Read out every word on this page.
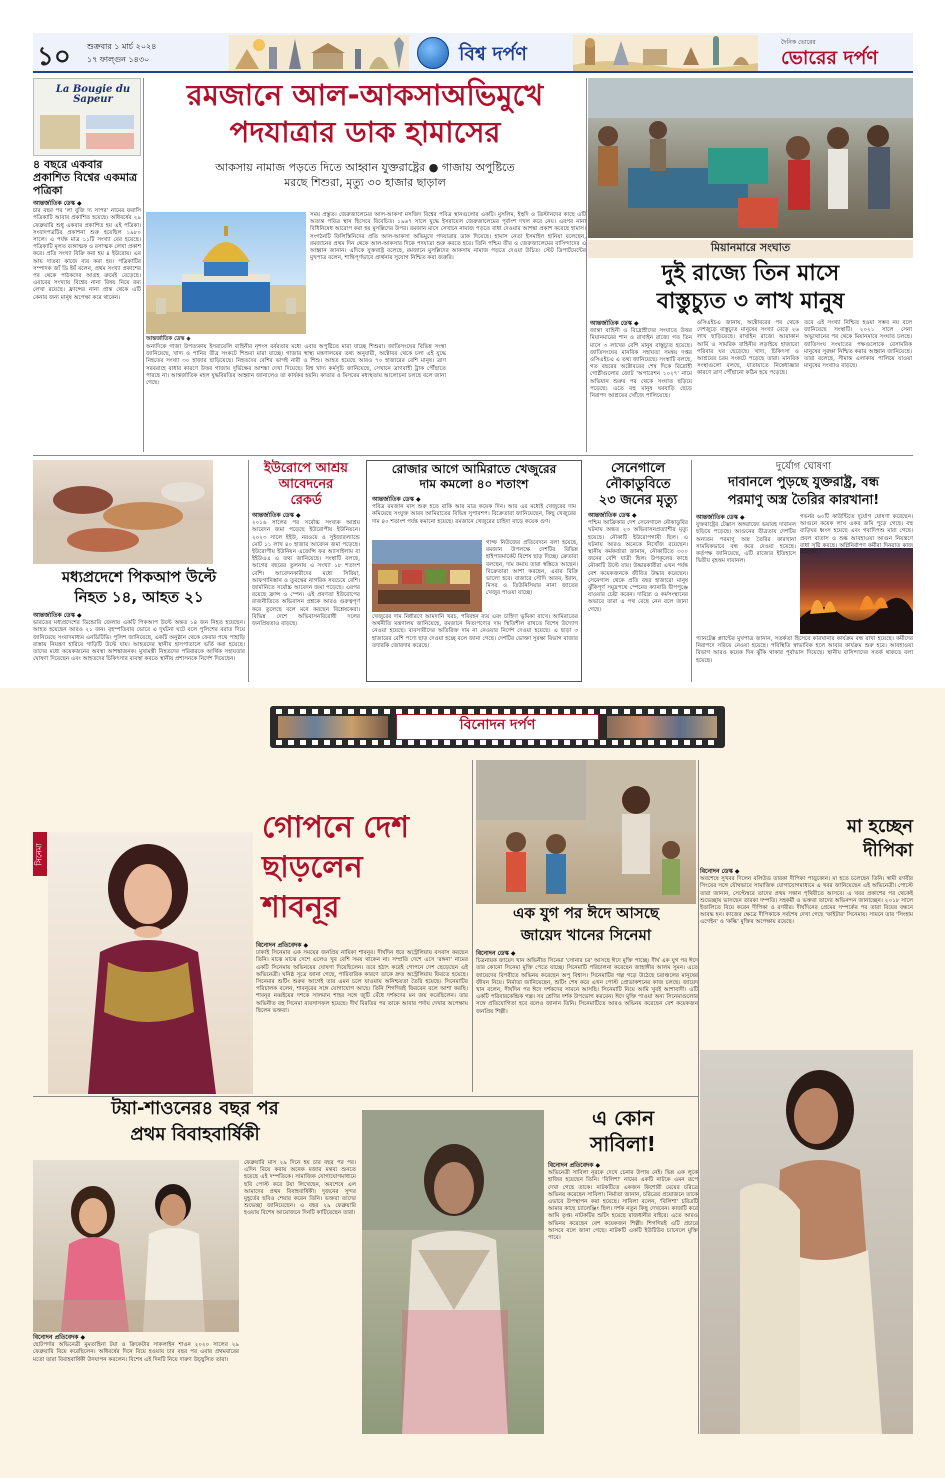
১০ শুক্রবার ১ মার্চ ২০২৪
১৭ ফাল্গুন ১৪৩০	বিশ্ব দর্পণ
দৈনিক ভোরের
ভোরের দর্পণ
La Bougie du Sapeur
৪ বছরে একবার প্রকাশিত বিশ্বের একমাত্র পত্রিকা
আন্তর্জাতিক ডেস্ক ◆

চার বছর পর 'লা বুজি দ্য সাপর' নামের ফরাসি পত্রিকাটি আবার প্রকাশিত হয়েছে। অধিবর্ষের ২৯ ফেব্রুয়ারি শুধু একবার প্রকাশিত হয় এই পত্রিকা। সংবাদপত্রটির প্রকাশনা শুরু হয়েছিল ১৯৮০ সালে। এ পর্যন্ত মাত্র ১১টি সংখ্যা বের হয়েছে। পত্রিকাটি মূলত ব্যঙ্গাত্মক ও রসাত্মক লেখা প্রকাশ করে। প্রতি সংখ্যা বিক্রি করা হয় ৪ ইউরোয়। এর আয় দাতব্য কাজে ব্যয় করা হয়। পত্রিকাটির সম্পাদক জ্যঁ ডি ইয়ঁ বলেন, প্রথম সংখ্যা প্রকাশের পর থেকে পাঠকদের আগ্রহ ক্রমেই বেড়েছে। এবারের সংখ্যায় বিশ্বের নানা বিষয় নিয়ে রম্য লেখা রয়েছে। ফ্রান্সের নানা প্রান্ত থেকে এটি কেনার জন্য মানুষ অপেক্ষা করে থাকেন।

রমজানে আল-আকসাঅভিমুখে
পদযাত্রার ডাক হামাসের
আকসায় নামাজ পড়তে দিতে আহ্বান যুক্তরাষ্ট্রের ● গাজায় অপুষ্টিতে
মরছে শিশুরা, মৃত্যু ৩০ হাজার ছাড়াল
আন্তর্জাতিক ডেস্ক ◆

অন্যদিকে গাজা উপত্যকায় ইসরায়েলি বাহিনীর নৃশংস বর্বরতার মধ্যে এবার অপুষ্টিতে মারা যাচ্ছে শিশুরা। জাতিসংঘের বিভিন্ন সংস্থা জানিয়েছে, খাদ্য ও পানির তীব্র সংকটে শিশুরা মারা যাচ্ছে। গাজার স্বাস্থ্য মন্ত্রণালয়ের তথ্য অনুযায়ী, অক্টোবর থেকে চলা এই যুদ্ধে নিহতের সংখ্যা ৩০ হাজার ছাড়িয়েছে। নিহতদের বেশির ভাগই নারী ও শিশু। আহত হয়েছে আরও ৭০ হাজারের বেশি মানুষ। ত্রাণ সরবরাহে বাধার কারণে উত্তর গাজায় দুর্ভিক্ষের আশঙ্কা দেখা দিয়েছে। বিশ্ব খাদ্য কর্মসূচি জানিয়েছে, সেখানে ত্রাণবাহী ট্রাক পৌঁছাতে পারছে না। আন্তর্জাতিক মহল যুদ্ধবিরতির আহ্বান জানালেও তা কার্যকর হয়নি। কাতার ও মিসরের মধ্যস্থতায় আলোচনা চলছে বলে জানা গেছে।

সময় প্রস্তুত। জেরুজালেমের আল-আকসা মসজিদ বিশ্বের পবিত্র স্থানগুলোর একটি। মুসলিম, ইহুদি ও খ্রিস্টানদের কাছে এটি অত্যন্ত পবিত্র স্থান হিসেবে বিবেচিত। ১৯৬৭ সালে যুদ্ধে ইসরায়েল জেরুজালেমের পূর্বাংশ দখল করে নেয়। এরপর নানা বিধিনিষেধ আরোপ করা হয় মুসল্লিদের উপর। রমজান মাসে সেখানে নামাজ পড়তে বাধা দেওয়ার আশঙ্কা প্রকাশ করেছে হামাস। সংগঠনটি ফিলিস্তিনিদের প্রতি আল-আকসা অভিমুখে পদযাত্রার ডাক দিয়েছে। হামাস নেতা ইসমাইল হানিয়া বলেছেন, রমজানের প্রথম দিন থেকে আল-আকসার দিকে পদযাত্রা শুরু করতে হবে। তিনি পশ্চিম তীর ও জেরুজালেমের বাসিন্দাদের এ আহ্বান জানান। এদিকে যুক্তরাষ্ট্র বলেছে, রমজানে মুসল্লিদের আকসায় নামাজ পড়তে দেওয়া উচিত। স্টেট ডিপার্টমেন্টের মুখপাত্র বলেন, শান্তিপূর্ণভাবে প্রার্থনার সুযোগ নিশ্চিত করা জরুরি।

মিয়ানমারে সংঘাত
দুই রাজ্যে তিন মাসে
বাস্তুচ্যুত ৩ লাখ মানুষ
আন্তর্জাতিক ডেস্ক ◆

জান্তা বাহিনী ও বিদ্রোহীদের সংঘাতে উত্তর মিয়ানমারের শান ও রাখাইন রাজ্যে গত তিন মাসে ৩ লাখের বেশি মানুষ বাস্তুচ্যুত হয়েছে। জাতিসংঘের মানবিক সহায়তা সমন্বয় দপ্তর ওসিএইচএ এ তথ্য জানিয়েছে। সংস্থাটি বলছে, গত বছরের অক্টোবরের শেষ দিকে বিদ্রোহী গোষ্ঠীগুলোর জোট 'অপারেশন ১০২৭' নামে অভিযান শুরুর পর থেকে সংঘাত ছড়িয়ে পড়েছে। এতে বহু মানুষ ঘরবাড়ি ছেড়ে নিরাপদ আশ্রয়ের খোঁজে পালিয়েছে।

ওসিএইচএ জানায়, অক্টোবরের পর থেকে দেশজুড়ে বাস্তুচ্যুত মানুষের সংখ্যা বেড়ে ২৬ লাখ ছাড়িয়েছে। রাখাইন রাজ্যে আরাকান আর্মি ও সামরিক বাহিনীর লড়াইয়ে হাজারো পরিবার ঘর ছেড়েছে। খাদ্য, চিকিৎসা ও আশ্রয়ের চরম সংকটে পড়েছে তারা। মানবিক সংস্থাগুলো বলছে, যাতায়াতে নিষেধাজ্ঞার কারণে ত্রাণ পৌঁছানো কঠিন হয়ে পড়েছে।

তবে এই সংখ্যা নিশ্চিত হওয়া সম্ভব নয় বলে জানিয়েছে সংস্থাটি। ২০২১ সালে সেনা অভ্যুত্থানের পর থেকে মিয়ানমারে সংঘাত চলছে। জাতিসংঘ সংঘাতের পক্ষগুলোকে বেসামরিক মানুষের সুরক্ষা নিশ্চিত করার আহ্বান জানিয়েছে। তারা বলেছে, সীমান্ত এলাকায় পালিয়ে যাওয়া মানুষের সংখ্যাও বাড়ছে।

মধ্যপ্রদেশে পিকআপ উল্টে
নিহত ১৪, আহত ২১
আন্তর্জাতিক ডেস্ক ◆

ভারতের মধ্যপ্রদেশের ডিন্ডোরি জেলায় একটি পিকআপ উল্টে অন্তত ১৪ জন নিহত হয়েছেন। আহত হয়েছেন আরও ২১ জন। বৃহস্পতিবার ভোরে এ দুর্ঘটনা ঘটে বলে পুলিশের বরাত দিয়ে জানিয়েছে সংবাদমাধ্যম এনডিটিভি। পুলিশ জানিয়েছে, একটি অনুষ্ঠান থেকে ফেরার পথে পাহাড়ি রাস্তায় নিয়ন্ত্রণ হারিয়ে গাড়িটি উল্টে যায়। আহতদের স্থানীয় হাসপাতালে ভর্তি করা হয়েছে। তাদের মধ্যে কয়েকজনের অবস্থা আশঙ্কাজনক। মুখ্যমন্ত্রী নিহতদের পরিবারকে আর্থিক সহায়তার ঘোষণা দিয়েছেন এবং আহতদের চিকিৎসার ব্যবস্থা করতে স্থানীয় প্রশাসনকে নির্দেশ দিয়েছেন।

ইউরোপে আশ্রয়
আবেদনের
রেকর্ড
আন্তর্জাতিক ডেস্ক ◆

২০১৬ সালের পর সর্বোচ্চ সংখ্যক আশ্রয় আবেদন জমা পড়েছে ইউরোপীয় ইউনিয়নে। ২০২৩ সালে ইইউ, নরওয়ে ও সুইজারল্যান্ডে মোট ১১ লাখ ৪০ হাজার আবেদন জমা পড়েছে। ইউরোপীয় ইউনিয়ন এজেন্সি ফর অ্যাসাইলাম বা ইইউএএ এ তথ্য জানিয়েছে। সংস্থাটি বলছে, আগের বছরের তুলনায় এ সংখ্যা ১৮ শতাংশ বেশি। আবেদনকারীদের মধ্যে সিরিয়া, আফগানিস্তান ও তুরস্কের নাগরিক সবচেয়ে বেশি। জার্মানিতে সর্বোচ্চ আবেদন জমা পড়েছে। এরপর রয়েছে ফ্রান্স ও স্পেন। এই প্রবণতা ইউরোপের রাজনীতিতে অভিবাসন প্রশ্নকে আরও গুরুত্বপূর্ণ করে তুলেছে বলে মনে করছেন বিশ্লেষকেরা। বিভিন্ন দেশে অভিবাসনবিরোধী দলের জনপ্রিয়তাও বাড়ছে।

রোজার আগে আমিরাতে খেজুরের
দাম কমলো ৪০ শতাংশ
আন্তর্জাতিক ডেস্ক ◆

পবিত্র রমজান মাস শুরু হতে বাকি আর মাত্র কয়েক দিন। আর এর মধ্যেই খেজুরের দাম কমিয়েছে সংযুক্ত আরব আমিরাতের বিভিন্ন সুপারশপ। বিক্রেতারা জানিয়েছেন, কিছু খেজুরের দাম ৪০ শতাংশ পর্যন্ত কমানো হয়েছে। রমজানে খেজুরের চাহিদা বাড়ে কয়েক গুণ।

গাল্ফ নিউজের প্রতিবেদনে বলা হয়েছে, রমজান উপলক্ষে দেশটির বিভিন্ন হাইপারমার্কেট বিশেষ ছাড় দিচ্ছে। ক্রেতারা বলছেন, দাম কমায় তারা স্বস্তিতে আছেন। বিক্রেতারা আশা করছেন, এবার বিক্রি ভালো হবে। বাজারে সৌদি আরব, ইরান, মিসর ও তিউনিসিয়ার নানা জাতের খেজুর পাওয়া যাচ্ছে।

খেজুরের দাম নির্ধারণে আমদানি খরচ, পরিবহন ব্যয় এবং চাহিদা ভূমিকা রাখে। আমিরাতের অর্থনীতি মন্ত্রণালয় জানিয়েছে, রমজানে নিত্যপণ্যের দাম স্থিতিশীল রাখতে বিশেষ উদ্যোগ নেওয়া হয়েছে। ব্যবসায়ীদের অতিরিক্ত দাম না নেওয়ার নির্দেশ দেওয়া হয়েছে। এ ছাড়া ৩ হাজারের বেশি পণ্যে ছাড় দেওয়া হচ্ছে বলে জানা গেছে। দেশটির ভোক্তা সুরক্ষা বিভাগ বাজার তদারকি জোরদার করেছে।

সেনেগালে
নৌকাডুবিতে
২৩ জনের মৃত্যু
আন্তর্জাতিক ডেস্ক ◆

পশ্চিম আফ্রিকার দেশ সেনেগালে নৌকাডুবির ঘটনায় অন্তত ২৩ অভিবাসনপ্রত্যাশীর মৃত্যু হয়েছে। নৌকাটি ইউরোপগামী ছিল। এ ঘটনায় আরও অনেকে নিখোঁজ রয়েছেন। স্থানীয় কর্মকর্তারা জানান, নৌকাটিতে ৩০০ জনের বেশি যাত্রী ছিল। উপকূলের কাছে নৌকাটি উল্টে যায়। উদ্ধারকারীরা এখন পর্যন্ত বেশ কয়েকজনকে জীবিত উদ্ধার করেছেন। সেনেগাল থেকে প্রতি বছর হাজারো মানুষ ঝুঁকিপূর্ণ সমুদ্রপথে স্পেনের ক্যানারি দ্বীপপুঞ্জে যাওয়ার চেষ্টা করেন। দারিদ্র্য ও কর্মসংস্থানের অভাবে তারা এ পথ বেছে নেন বলে জানা গেছে।

দুর্যোগ ঘোষণা
দাবানলে পুড়ছে যুক্তরাষ্ট্র, বন্ধ
পরমাণু অস্ত্র তৈরির কারখানা!
আন্তর্জাতিক ডেস্ক ◆

যুক্তরাষ্ট্রের টেক্সাস অঙ্গরাজ্যে ভয়াবহ দাবানল ছড়িয়ে পড়েছে। আগুনের তীব্রতায় দেশটির অন্যতম পরমাণু অস্ত্র তৈরির কারখানা সাময়িকভাবে বন্ধ করে দেওয়া হয়েছে। কর্তৃপক্ষ জানিয়েছে, এটি রাজ্যের ইতিহাসে দ্বিতীয় বৃহত্তম দাবানল।

গভর্নর ৬০টি কাউন্টিতে দুর্যোগ ঘোষণা করেছেন। আগুনে কয়েক লাখ একর জমি পুড়ে গেছে। বহু বাড়িঘর ধ্বংস হয়েছে এবং গবাদিপশু মারা গেছে। প্রবল বাতাস ও শুষ্ক আবহাওয়া আগুন নিয়ন্ত্রণে বাধা সৃষ্টি করছে। অগ্নিনির্বাপণ কর্মীরা দিনরাত কাজ করছেন।

প্যানটেক্স প্ল্যান্টের মুখপাত্র জানান, সতর্কতা হিসেবে কারখানার কার্যক্রম বন্ধ রাখা হয়েছে। কর্মীদের নিরাপদে সরিয়ে নেওয়া হয়েছে। পরিস্থিতি স্বাভাবিক হলে আবার কার্যক্রম শুরু হবে। আবহাওয়া বিভাগ আরও কয়েক দিন ঝুঁকি থাকার পূর্বাভাস দিয়েছে। স্থানীয় বাসিন্দাদের সতর্ক থাকতে বলা হয়েছে।

বিনোদন দর্পণ
সিনেমা
গোপনে দেশ
ছাড়লেন
শাবনূর
বিনোদন প্রতিবেদক ◆

ঢাকাই সিনেমার এক সময়ের জনপ্রিয় নায়িকা শাবনূর। দীর্ঘদিন ধরে অস্ট্রেলিয়ায় বসবাস করছেন তিনি। মাঝে মাঝে দেশে এলেও খুব বেশি সময় থাকেন না। সম্প্রতি দেশে এসে 'রঙ্গনা' নামের একটি সিনেমায় অভিনয়ের ঘোষণা দিয়েছিলেন। তবে হঠাৎ করেই গোপনে দেশ ছেড়েছেন এই অভিনেত্রী। ঘনিষ্ঠ সূত্রে জানা গেছে, পারিবারিক কারণে তাকে দ্রুত অস্ট্রেলিয়ায় ফিরতে হয়েছে। সিনেমার শুটিং শুরুর আগেই তার এমন চলে যাওয়ায় অনিশ্চয়তা তৈরি হয়েছে। সিনেমাটির পরিচালক বলেন, শাবনূরের সঙ্গে যোগাযোগ আছে। তিনি শিগগিরই ফিরবেন বলে আশা করছি। শাবনূর নব্বইয়ের দশকে সালমান শাহর সঙ্গে জুটি বেঁধে দর্শকদের মন জয় করেছিলেন। তার অভিনীত বহু সিনেমা ব্যবসাসফল হয়েছে। দীর্ঘ বিরতির পর তাকে আবার পর্দায় দেখার অপেক্ষায় ছিলেন ভক্তরা।

এক যুগ পর ঈদে আসছে
জায়েদ খানের সিনেমা
বিনোদন ডেস্ক ◆

চিত্রনায়ক জায়েদ খান অভিনীত সিনেমা 'সোনার চর' আসছে ঈদে মুক্তি পাচ্ছে। দীর্ঘ এক যুগ পর ঈদে তার কোনো সিনেমা মুক্তি পেতে যাচ্ছে। সিনেমাটি পরিচালনা করেছেন জাহাঙ্গীর আলম সুমন। এতে জায়েদের বিপরীতে অভিনয় করেছেন অপু বিশ্বাস। সিনেমাটির গল্প গড়ে উঠেছে চরাঞ্চলের মানুষের জীবন নিয়ে। নির্মাতা জানিয়েছেন, শুটিং শেষ করে এখন পোস্ট প্রোডাকশনের কাজ চলছে। জায়েদ খান বলেন, দীর্ঘদিন পর ঈদে দর্শকদের সামনে আসছি। সিনেমাটি নিয়ে আমি খুবই আশাবাদী। এটি একটি পরিবারকেন্দ্রিক গল্প। সব শ্রেণির দর্শক উপভোগ করবেন। ঈদে মুক্তি পাওয়া অন্য সিনেমাগুলোর সঙ্গে প্রতিযোগিতা হবে বলেও জানান তিনি। সিনেমাটিতে আরও অভিনয় করেছেন বেশ কয়েকজন জনপ্রিয় শিল্পী।

মা হচ্ছেন
দীপিকা
বিনোদন ডেস্ক ◆

অবশেষে সুখবর দিলেন বলিউড তারকা দীপিকা পাড়ুকোন। মা হতে চলেছেন তিনি। স্বামী রণবীর সিংয়ের সঙ্গে যৌথভাবে সামাজিক যোগাযোগমাধ্যমে এ খবর জানিয়েছেন এই অভিনেত্রী। পোস্টে তারা জানান, সেপ্টেম্বরে তাদের প্রথম সন্তান পৃথিবীতে আসবে। এ খবর প্রকাশের পর থেকেই শুভেচ্ছায় ভাসছেন তারকা দম্পতি। সহকর্মী ও ভক্তরা তাদের অভিনন্দন জানাচ্ছেন। ২০১৮ সালে ইতালিতে বিয়ে করেন দীপিকা ও রণবীর। দীর্ঘদিনের প্রেমের সম্পর্কের পর তারা বিয়ের বন্ধনে আবদ্ধ হন। কাজের ক্ষেত্রে দীপিকাকে সর্বশেষ দেখা গেছে 'ফাইটার' সিনেমায়। সামনে তার 'সিংহাম এগেইন' ও 'কল্কি' মুক্তির অপেক্ষায় রয়েছে।

টয়া-শাওনের৪ বছর পর
প্রথম বিবাহবার্ষিকী
বিনোদন প্রতিবেদক ◆

ছোটপর্দার অভিনেত্রী মুমতাহিনা টয়া ও ক্রিকেটার সাকলাইন শাওন ২০২০ সালের ২৯ ফেব্রুয়ারি বিয়ে করেছিলেন। অধিবর্ষের দিনে বিয়ে হওয়ায় চার বছর পর এবার প্রথমবারের মতো তারা বিবাহবার্ষিকী উদযাপন করলেন। বিশেষ এই দিনটি নিয়ে দারুণ উচ্ছ্বসিত তারা।

ফেব্রুয়ারি মাস ২৯ দিনে হয় চার বছর পর পর। এদিন বিয়ে করায় অনেক মজার মন্তব্য শুনতে হয়েছে এই দম্পতিকে। সামাজিক যোগাযোগমাধ্যমে ছবি পোস্ট করে টয়া লিখেছেন, অবশেষে এল আমাদের প্রথম বিবাহবার্ষিকী। দুজনের সুন্দর মুহূর্তের ছবিও শেয়ার করেন তিনি। ভক্তরা তাদের শুভেচ্ছা জানিয়েছেন। এ বছর ২৯ ফেব্রুয়ারি হওয়ায় বিশেষ আয়োজনে দিনটি কাটিয়েছেন তারা।

এ কোন
সাবিলা!
বিনোদন প্রতিবেদক ◆

অভিনেত্রী সাবিলা নূরকে দেখে চেনার উপায় নেই। ভিন্ন এক লুকে হাজির হয়েছেন তিনি। 'বিলিশা' নামের একটি নাটকে এমন রূপে দেখা গেছে তাকে। নাটকটিতে একজন কিশোরী মেয়ের চরিত্রে অভিনয় করেছেন সাবিলা। নির্মাতা জানান, চরিত্রের প্রয়োজনে তাকে এভাবে উপস্থাপন করা হয়েছে। সাবিলা বলেন, 'বিলিশা' চরিত্রটি আমার কাছে চ্যালেঞ্জিং ছিল। দর্শক নতুন কিছু দেখবেন। কাজটি করে আমি তৃপ্ত। নাটকটির শুটিং হয়েছে রাজধানীর বাইরে। এতে আরও অভিনয় করেছেন বেশ কয়েকজন শিল্পী। শিগগিরই এটি প্রচারে আসবে বলে জানা গেছে। নাটকটি একটি ইউটিউব চ্যানেলে মুক্তি পাবে।
